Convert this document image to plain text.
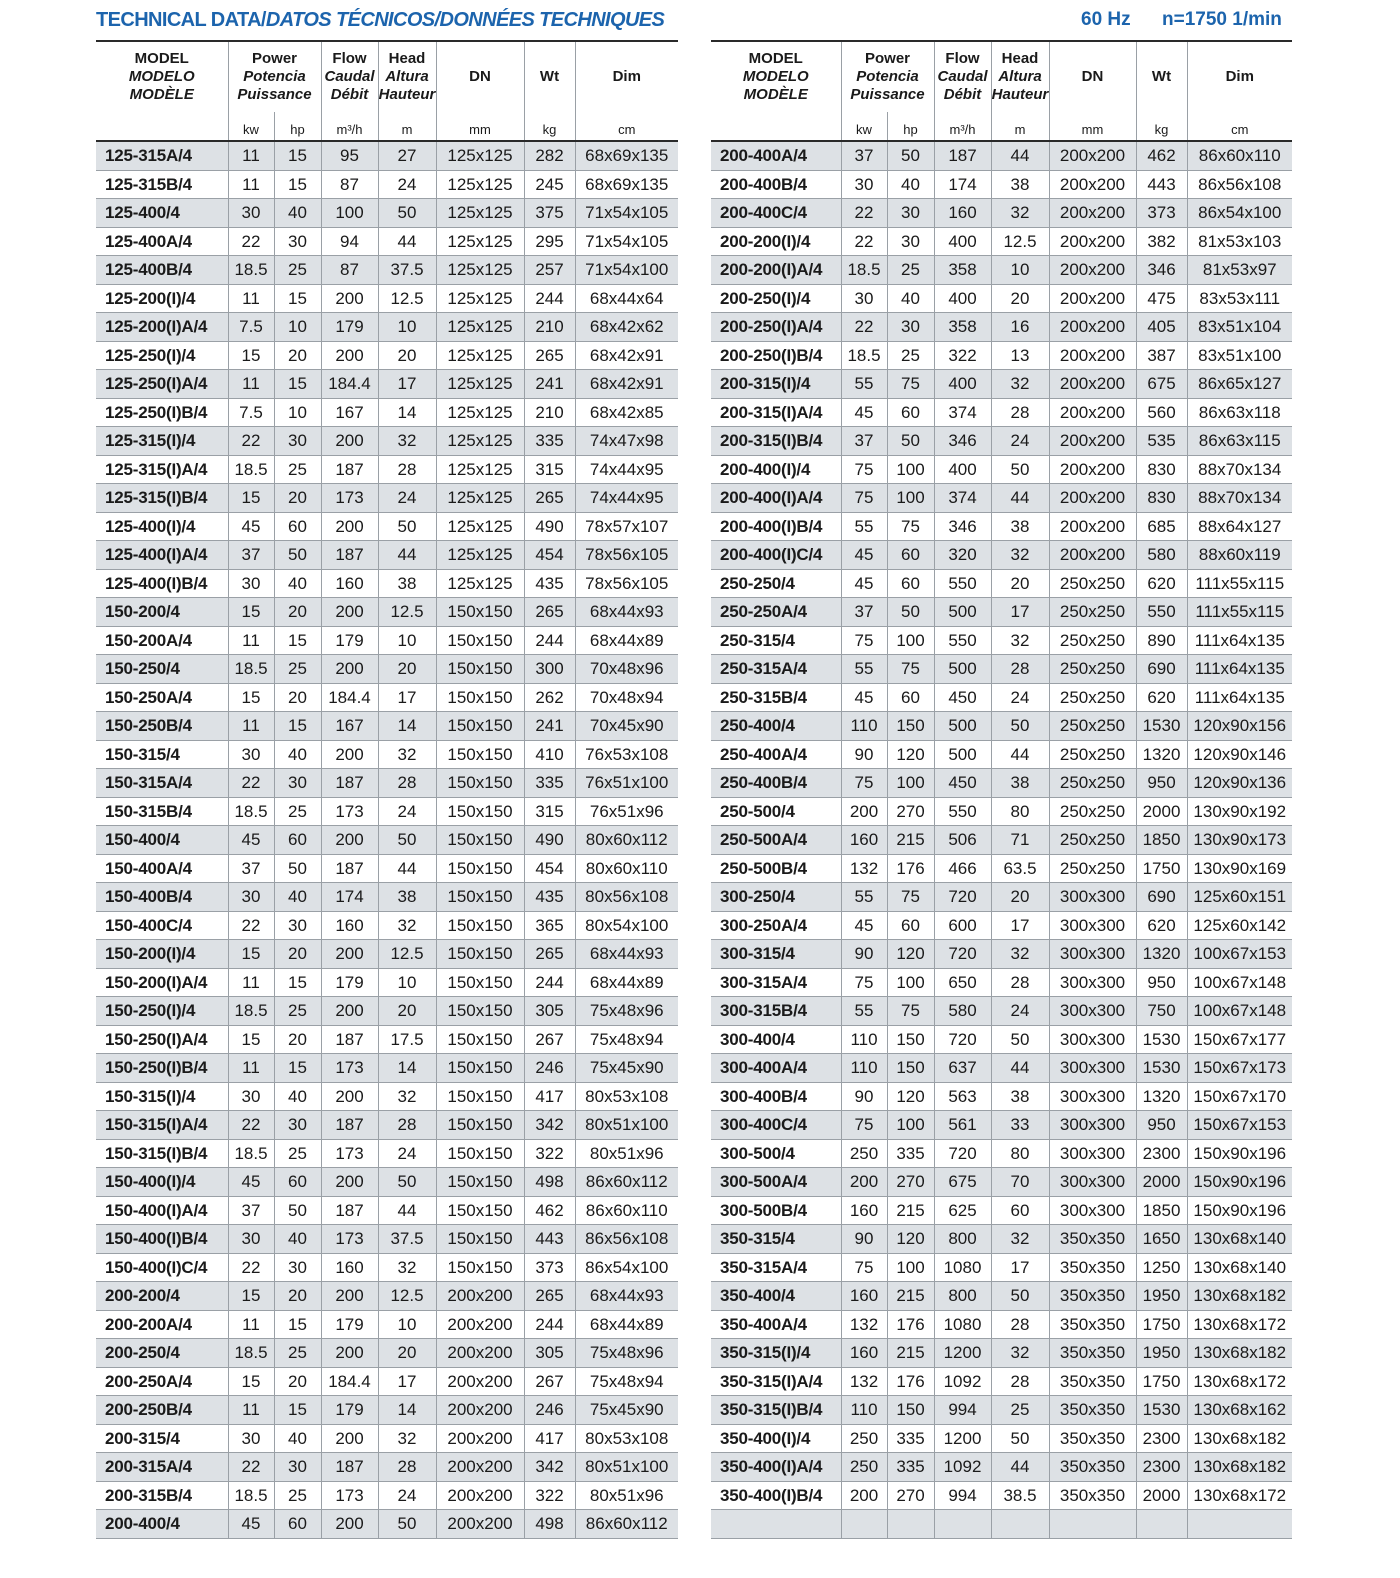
TECHNICAL DATA/DATOS TÉCNICOS/DONNÉES TECHNIQUES	60 Hz n=1750 1/min
MODEL
MODELO
MODÈLE	Power
Potencia
Puissance		Flow
Caudal
Débit	Head
Altura
Hauteur	DN	Wt	Dim
	kw	hp	m³/h	m	mm	kg	cm
125-315A/4	11	15	95	27	125x125	282	68x69x135
125-315B/4	11	15	87	24	125x125	245	68x69x135
125-400/4	30	40	100	50	125x125	375	71x54x105
125-400A/4	22	30	94	44	125x125	295	71x54x105
125-400B/4	18.5	25	87	37.5	125x125	257	71x54x100
125-200(I)/4	11	15	200	12.5	125x125	244	68x44x64
125-200(I)A/4	7.5	10	179	10	125x125	210	68x42x62
125-250(I)/4	15	20	200	20	125x125	265	68x42x91
125-250(I)A/4	11	15	184.4	17	125x125	241	68x42x91
125-250(I)B/4	7.5	10	167	14	125x125	210	68x42x85
125-315(I)/4	22	30	200	32	125x125	335	74x47x98
125-315(I)A/4	18.5	25	187	28	125x125	315	74x44x95
125-315(I)B/4	15	20	173	24	125x125	265	74x44x95
125-400(I)/4	45	60	200	50	125x125	490	78x57x107
125-400(I)A/4	37	50	187	44	125x125	454	78x56x105
125-400(I)B/4	30	40	160	38	125x125	435	78x56x105
150-200/4	15	20	200	12.5	150x150	265	68x44x93
150-200A/4	11	15	179	10	150x150	244	68x44x89
150-250/4	18.5	25	200	20	150x150	300	70x48x96
150-250A/4	15	20	184.4	17	150x150	262	70x48x94
150-250B/4	11	15	167	14	150x150	241	70x45x90
150-315/4	30	40	200	32	150x150	410	76x53x108
150-315A/4	22	30	187	28	150x150	335	76x51x100
150-315B/4	18.5	25	173	24	150x150	315	76x51x96
150-400/4	45	60	200	50	150x150	490	80x60x112
150-400A/4	37	50	187	44	150x150	454	80x60x110
150-400B/4	30	40	174	38	150x150	435	80x56x108
150-400C/4	22	30	160	32	150x150	365	80x54x100
150-200(I)/4	15	20	200	12.5	150x150	265	68x44x93
150-200(I)A/4	11	15	179	10	150x150	244	68x44x89
150-250(I)/4	18.5	25	200	20	150x150	305	75x48x96
150-250(I)A/4	15	20	187	17.5	150x150	267	75x48x94
150-250(I)B/4	11	15	173	14	150x150	246	75x45x90
150-315(I)/4	30	40	200	32	150x150	417	80x53x108
150-315(I)A/4	22	30	187	28	150x150	342	80x51x100
150-315(I)B/4	18.5	25	173	24	150x150	322	80x51x96
150-400(I)/4	45	60	200	50	150x150	498	86x60x112
150-400(I)A/4	37	50	187	44	150x150	462	86x60x110
150-400(I)B/4	30	40	173	37.5	150x150	443	86x56x108
150-400(I)C/4	22	30	160	32	150x150	373	86x54x100
200-200/4	15	20	200	12.5	200x200	265	68x44x93
200-200A/4	11	15	179	10	200x200	244	68x44x89
200-250/4	18.5	25	200	20	200x200	305	75x48x96
200-250A/4	15	20	184.4	17	200x200	267	75x48x94
200-250B/4	11	15	179	14	200x200	246	75x45x90
200-315/4	30	40	200	32	200x200	417	80x53x108
200-315A/4	22	30	187	28	200x200	342	80x51x100
200-315B/4	18.5	25	173	24	200x200	322	80x51x96
200-400/4	45	60	200	50	200x200	498	86x60x112
MODEL
MODELO
MODÈLE	Power
Potencia
Puissance		Flow
Caudal
Débit	Head
Altura
Hauteur	DN	Wt	Dim
	kw	hp	m³/h	m	mm	kg	cm
200-400A/4	37	50	187	44	200x200	462	86x60x110
200-400B/4	30	40	174	38	200x200	443	86x56x108
200-400C/4	22	30	160	32	200x200	373	86x54x100
200-200(I)/4	22	30	400	12.5	200x200	382	81x53x103
200-200(I)A/4	18.5	25	358	10	200x200	346	81x53x97
200-250(I)/4	30	40	400	20	200x200	475	83x53x111
200-250(I)A/4	22	30	358	16	200x200	405	83x51x104
200-250(I)B/4	18.5	25	322	13	200x200	387	83x51x100
200-315(I)/4	55	75	400	32	200x200	675	86x65x127
200-315(I)A/4	45	60	374	28	200x200	560	86x63x118
200-315(I)B/4	37	50	346	24	200x200	535	86x63x115
200-400(I)/4	75	100	400	50	200x200	830	88x70x134
200-400(I)A/4	75	100	374	44	200x200	830	88x70x134
200-400(I)B/4	55	75	346	38	200x200	685	88x64x127
200-400(I)C/4	45	60	320	32	200x200	580	88x60x119
250-250/4	45	60	550	20	250x250	620	111x55x115
250-250A/4	37	50	500	17	250x250	550	111x55x115
250-315/4	75	100	550	32	250x250	890	111x64x135
250-315A/4	55	75	500	28	250x250	690	111x64x135
250-315B/4	45	60	450	24	250x250	620	111x64x135
250-400/4	110	150	500	50	250x250	1530	120x90x156
250-400A/4	90	120	500	44	250x250	1320	120x90x146
250-400B/4	75	100	450	38	250x250	950	120x90x136
250-500/4	200	270	550	80	250x250	2000	130x90x192
250-500A/4	160	215	506	71	250x250	1850	130x90x173
250-500B/4	132	176	466	63.5	250x250	1750	130x90x169
300-250/4	55	75	720	20	300x300	690	125x60x151
300-250A/4	45	60	600	17	300x300	620	125x60x142
300-315/4	90	120	720	32	300x300	1320	100x67x153
300-315A/4	75	100	650	28	300x300	950	100x67x148
300-315B/4	55	75	580	24	300x300	750	100x67x148
300-400/4	110	150	720	50	300x300	1530	150x67x177
300-400A/4	110	150	637	44	300x300	1530	150x67x173
300-400B/4	90	120	563	38	300x300	1320	150x67x170
300-400C/4	75	100	561	33	300x300	950	150x67x153
300-500/4	250	335	720	80	300x300	2300	150x90x196
300-500A/4	200	270	675	70	300x300	2000	150x90x196
300-500B/4	160	215	625	60	300x300	1850	150x90x196
350-315/4	90	120	800	32	350x350	1650	130x68x140
350-315A/4	75	100	1080	17	350x350	1250	130x68x140
350-400/4	160	215	800	50	350x350	1950	130x68x182
350-400A/4	132	176	1080	28	350x350	1750	130x68x172
350-315(I)/4	160	215	1200	32	350x350	1950	130x68x182
350-315(I)A/4	132	176	1092	28	350x350	1750	130x68x172
350-315(I)B/4	110	150	994	25	350x350	1530	130x68x162
350-400(I)/4	250	335	1200	50	350x350	2300	130x68x182
350-400(I)A/4	250	335	1092	44	350x350	2300	130x68x182
350-400(I)B/4	200	270	994	38.5	350x350	2000	130x68x172
